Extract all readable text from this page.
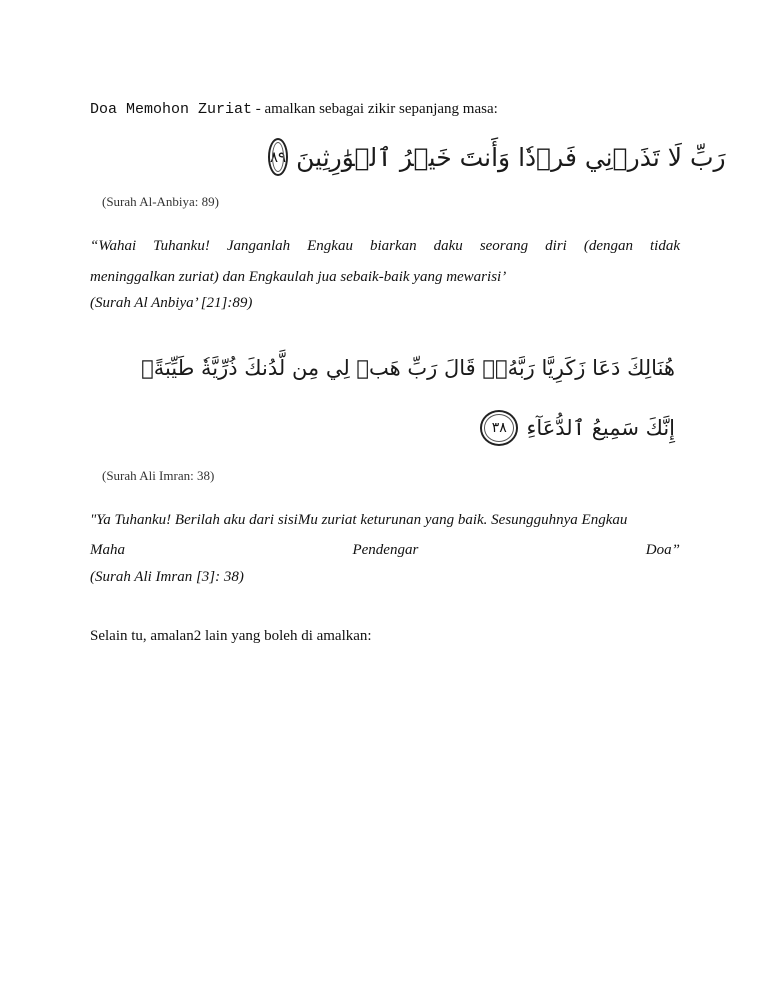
Doa Memohon Zuriat - amalkan sebagai zikir sepanjang masa:
٨٩ رَبِّ لَا تَذَرۡنِي فَرۡدٗا وَأَنتَ خَيۡرُ ٱلۡوَٰرِثِينَ
(Surah Al-Anbiya: 89)
“Wahai Tuhanku! Janganlah Engkau biarkan daku seorang diri (dengan tidak
meninggalkan zuriat) dan Engkaulah jua sebaik-baik yang mewarisi’
(Surah Al Anbiya’ [21]:89)
هُنَالِكَ دَعَا زَكَرِيَّا رَبَّهُۥۖ قَالَ رَبِّ هَبۡ لِي مِن لَّدُنكَ ذُرِّيَّةٗ طَيِّبَةًۖ
٣٨ إِنَّكَ سَمِيعُ ٱلدُّعَآءِ
(Surah Ali Imran: 38)
"Ya Tuhanku! Berilah aku dari sisiMu zuriat keturunan yang baik. Sesungguhnya Engkau
Maha	Pendengar	Doa”
(Surah Ali Imran [3]: 38)
Selain tu, amalan2 lain yang boleh di amalkan:
